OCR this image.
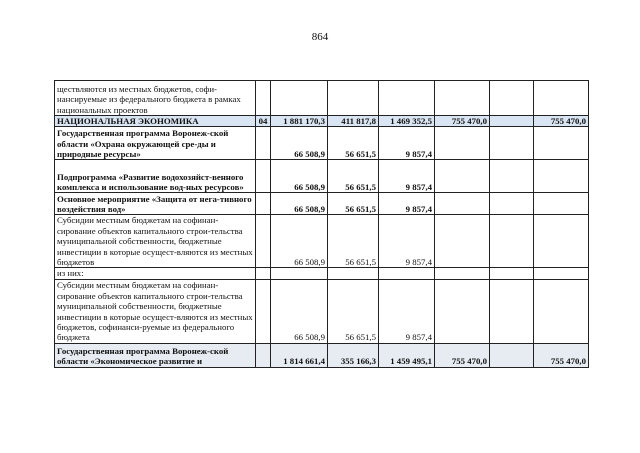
864
ществляются из местных бюджетов, софи-нансируемые из федерального бюджета в рамках национальных проектов							
НАЦИОНАЛЬНАЯ ЭКОНОМИКА	04	1 881 170,3	411 817,8	1 469 352,5	755 470,0		755 470,0
Государственная программа Воронеж-ской области «Охрана окружающей сре-ды и природные ресурсы»		66 508,9	56 651,5	9 857,4			
Подпрограмма «Развитие водохозяйст-венного комплекса и использование вод-ных ресурсов»		66 508,9	56 651,5	9 857,4			
Основное мероприятие «Защита от нега-тивного воздействия вод»		66 508,9	56 651,5	9 857,4			
Субсидии местным бюджетам на софинан-сирование объектов капитального строи-тельства муниципальной собственности, бюджетные инвестиции в которые осущест-вляются из местных бюджетов		66 508,9	56 651,5	9 857,4			
из них:							
Субсидии местным бюджетам на софинан-сирование объектов капитального строи-тельства муниципальной собственности, бюджетные инвестиции в которые осущест-вляются из местных бюджетов, софинанси-руемые из федерального бюджета		66 508,9	56 651,5	9 857,4			
Государственная программа Воронеж-ской области «Экономическое развитие и		1 814 661,4	355 166,3	1 459 495,1	755 470,0		755 470,0
